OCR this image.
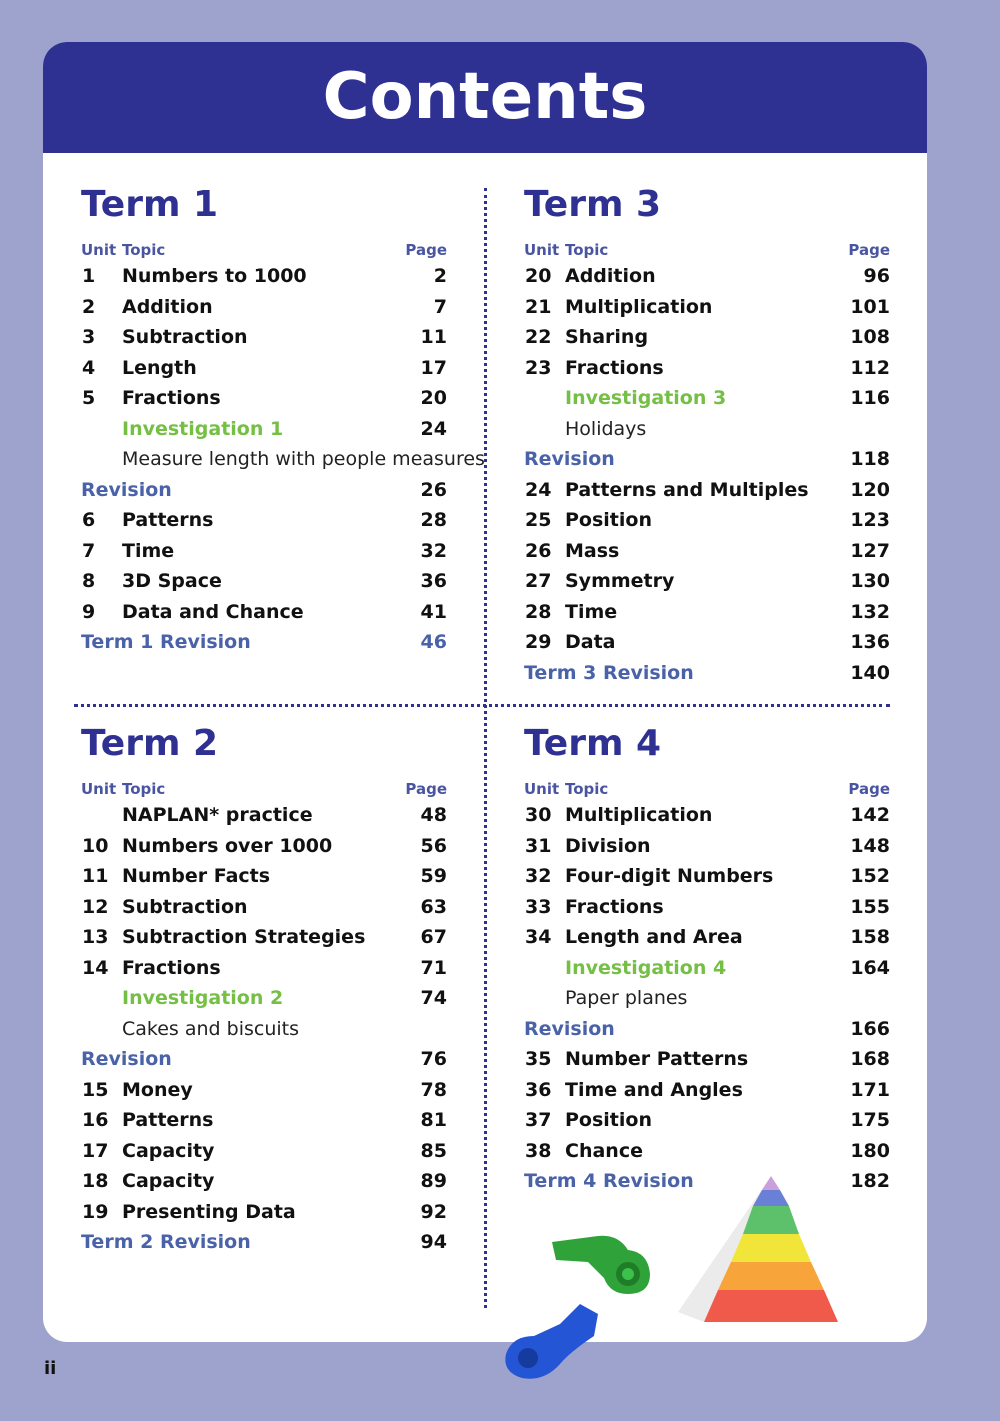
Contents
Term 1
Unit Topic	Page
1 Numbers to 1000	2
2 Addition	7
3 Subtraction	11
4 Length	17
5 Fractions	20
Investigation 1	24
Measure length with people measures
Revision	26
6 Patterns	28
7 Time	32
8 3D Space	36
9 Data and Chance	41
Term 1 Revision	46
Term 3
Unit Topic	Page
20 Addition	96
21 Multiplication	101
22 Sharing	108
23 Fractions	112
Investigation 3	116
Holidays
Revision	118
24 Patterns and Multiples 120
25 Position	123
26 Mass	127
27 Symmetry	130
28 Time	132
29 Data	136
Term 3 Revision	140
Term 2
Unit Topic	Page
NAPLAN* practice	48
10 Numbers over 1000	56
11 Number Facts	59
12 Subtraction	63
13 Subtraction Strategies	67
14 Fractions	71
Investigation 2	74
Cakes and biscuits
Revision	76
15 Money	78
16 Patterns	81
17 Capacity	85
18 Capacity	89
19 Presenting Data	92
Term 2 Revision	94
Term 4
Unit Topic	Page
30 Multiplication	142
31 Division	148
32 Four-digit Numbers	152
33 Fractions	155
34 Length and Area	158
Investigation 4	164
Paper planes
Revision	166
35 Number Patterns	168
36 Time and Angles	171
37 Position	175
38 Chance	180
Term 4 Revision	182
ii
